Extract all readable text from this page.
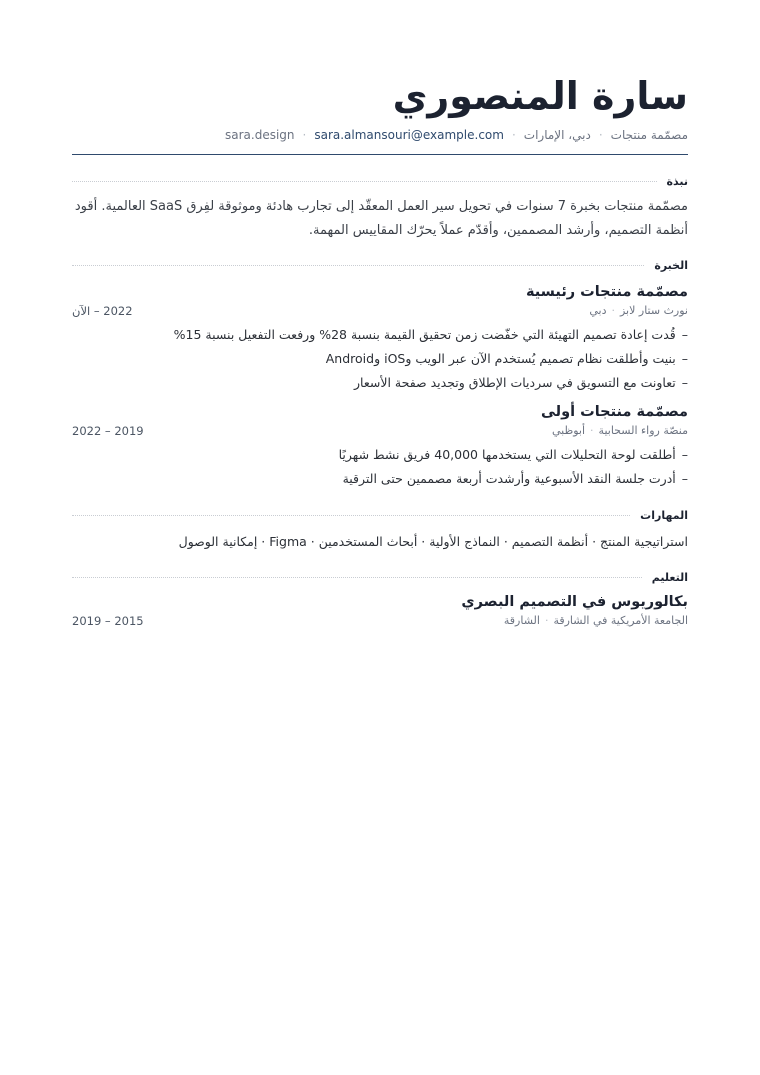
سارة المنصوري
مصمّمة منتجات
·
دبي، الإمارات
·
sara.almansouri@example.com
·
sara.design
نبذة
مصمّمة منتجات بخبرة 7 سنوات في تحويل سير العمل المعقّد إلى تجارب هادئة وموثوقة لفِرق SaaS العالمية. أقود أنظمة التصميم، وأرشد المصممين، وأقدّم عملاً يحرّك المقاييس المهمة.
الخبرة
مصمّمة منتجات رئيسية
نورث ستار لابز·دبي
2022 – الآن
–
قُدت إعادة تصميم التهيئة التي خفّضت زمن تحقيق القيمة بنسبة 28% ورفعت التفعيل بنسبة 15%
–
بنيت وأطلقت نظام تصميم يُستخدم الآن عبر الويب وiOS وAndroid
–
تعاونت مع التسويق في سرديات الإطلاق وتجديد صفحة الأسعار
مصمّمة منتجات أولى
منصّة رواء السحابية·أبوظبي
2019 – 2022
–
أطلقت لوحة التحليلات التي يستخدمها 40,000 فريق نشط شهريًا
–
أدرت جلسة النقد الأسبوعية وأرشدت أربعة مصممين حتى الترقية
المهارات
استراتيجية المنتج · أنظمة التصميم · النماذج الأولية · أبحاث المستخدمين · Figma · إمكانية الوصول
التعليم
بكالوريوس في التصميم البصري
الجامعة الأمريكية في الشارقة·الشارقة
2015 – 2019
